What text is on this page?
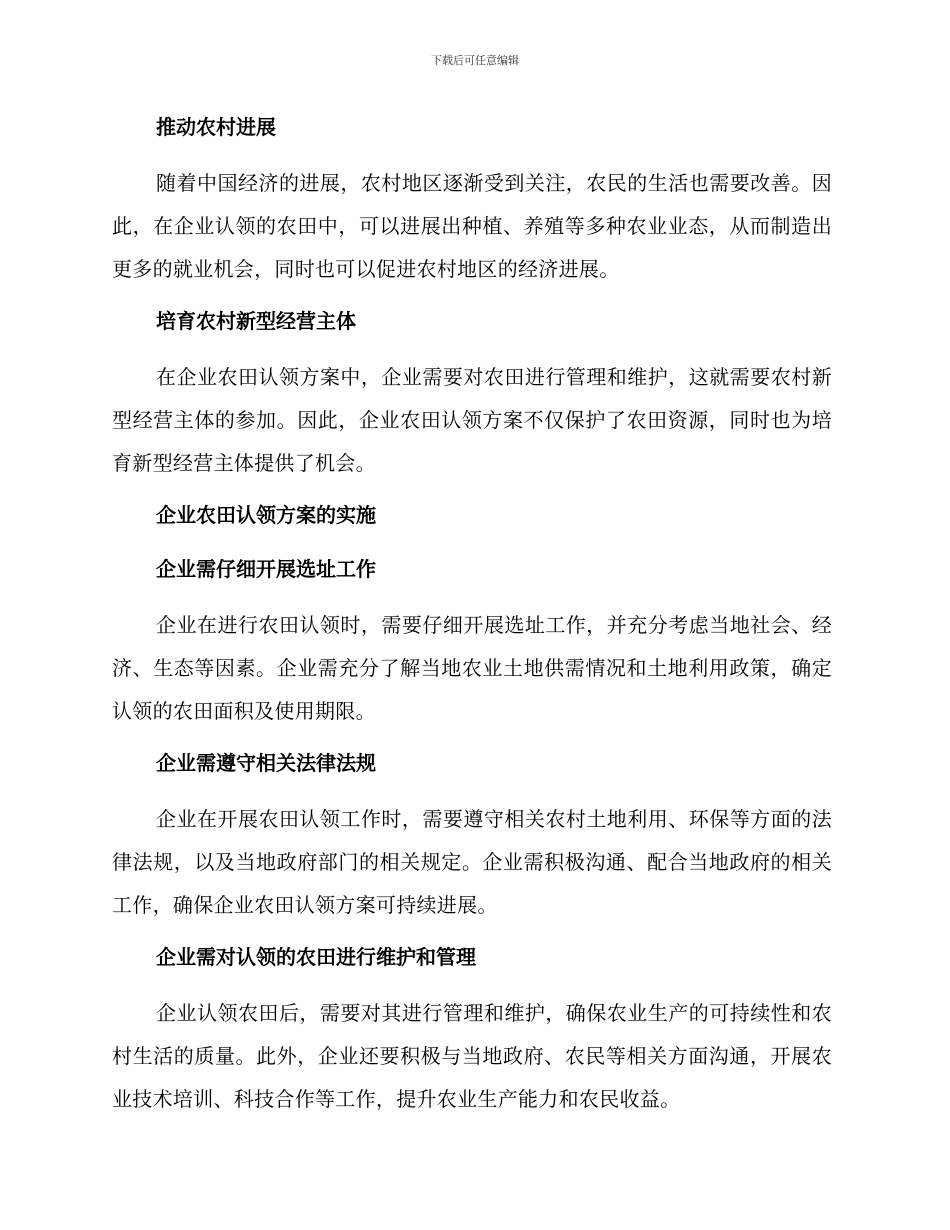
下载后可任意编辑
推动农村进展

随着中国经济的进展，农村地区逐渐受到关注，农民的生活也需要改善。因此，在企业认领的农田中，可以进展出种植、养殖等多种农业业态，从而制造出更多的就业机会，同时也可以促进农村地区的经济进展。

培育农村新型经营主体

在企业农田认领方案中，企业需要对农田进行管理和维护，这就需要农村新型经营主体的参加。因此，企业农田认领方案不仅保护了农田资源，同时也为培育新型经营主体提供了机会。

企业农田认领方案的实施
企业需仔细开展选址工作

企业在进行农田认领时，需要仔细开展选址工作，并充分考虑当地社会、经济、生态等因素。企业需充分了解当地农业土地供需情况和土地利用政策，确定认领的农田面积及使用期限。

企业需遵守相关法律法规

企业在开展农田认领工作时，需要遵守相关农村土地利用、环保等方面的法律法规，以及当地政府部门的相关规定。企业需积极沟通、配合当地政府的相关工作，确保企业农田认领方案可持续进展。

企业需对认领的农田进行维护和管理

企业认领农田后，需要对其进行管理和维护，确保农业生产的可持续性和农村生活的质量。此外，企业还要积极与当地政府、农民等相关方面沟通，开展农业技术培训、科技合作等工作，提升农业生产能力和农民收益。
